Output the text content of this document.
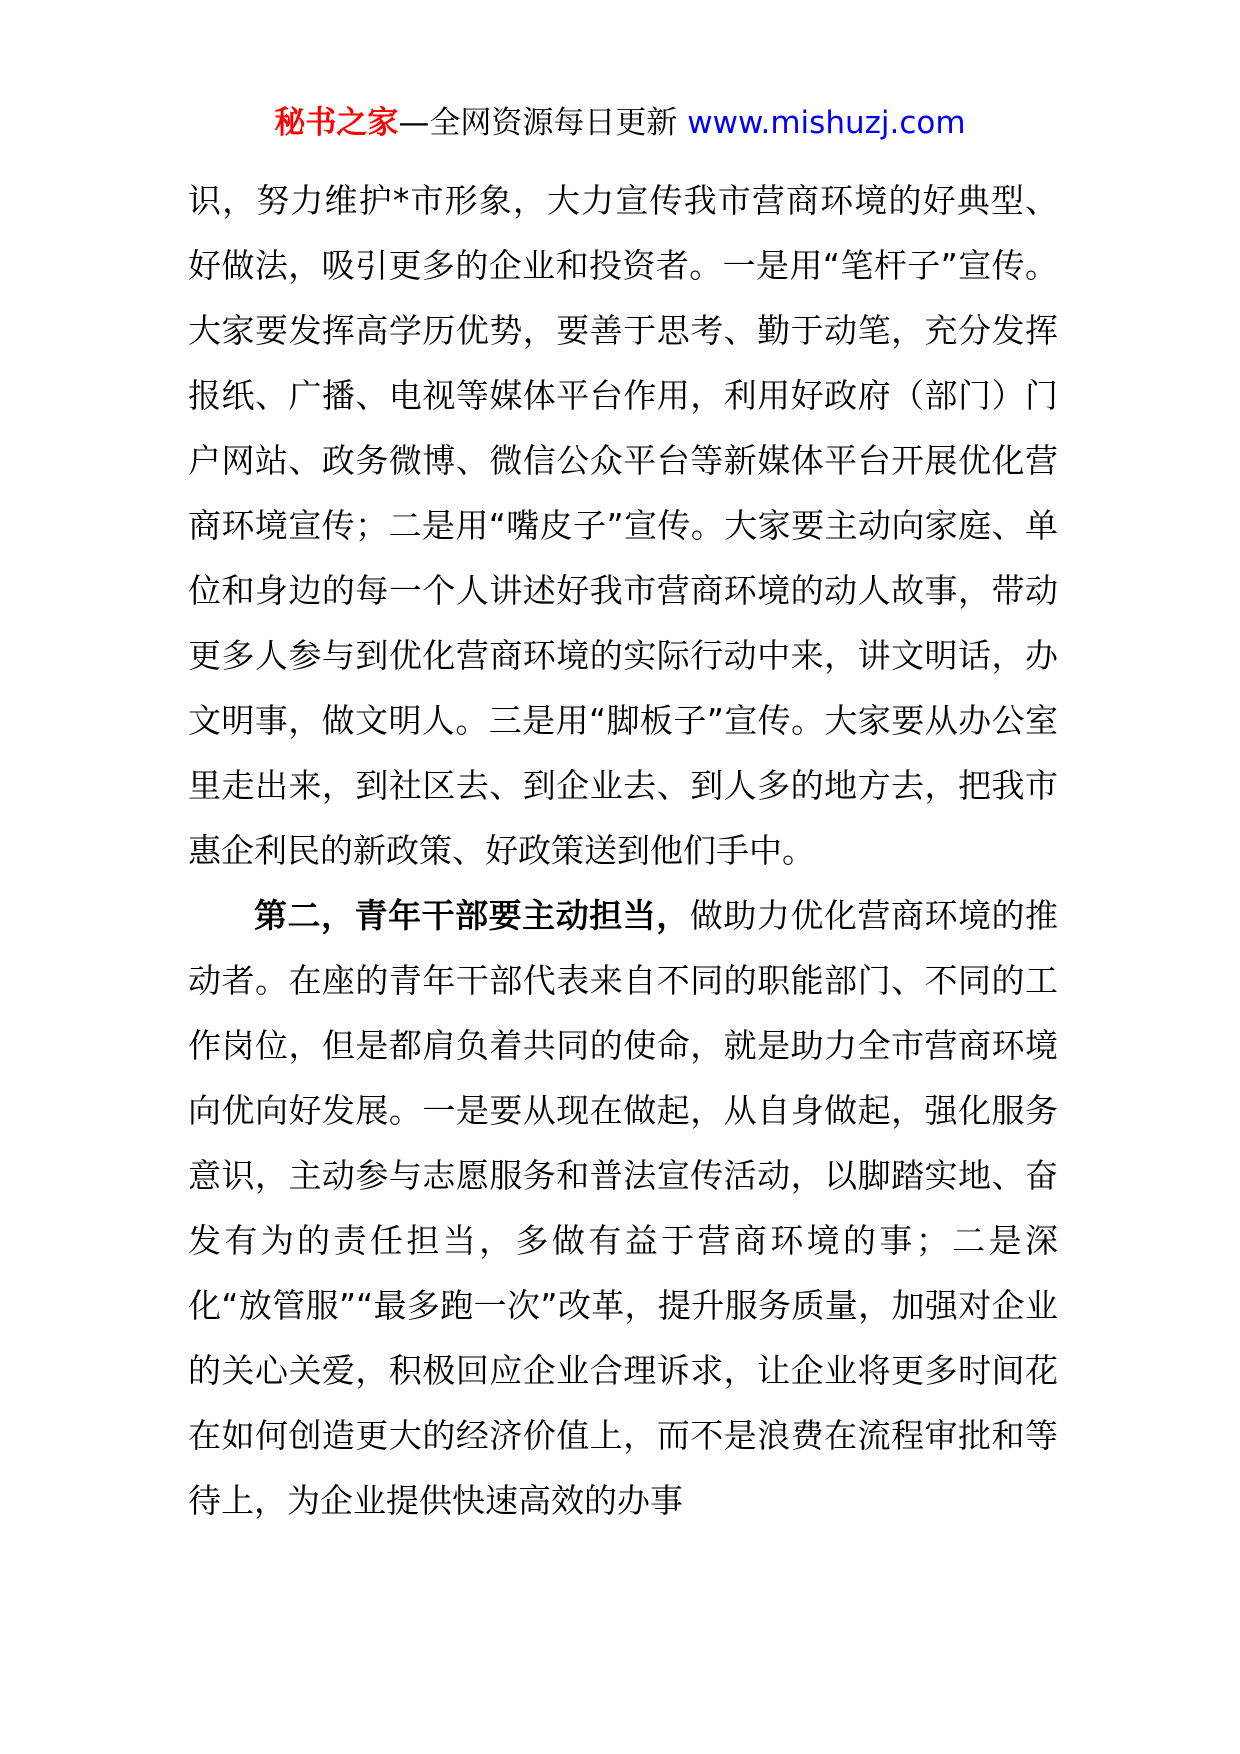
秘书之家—全网资源每日更新 www.mishuzj.com

识，努力维护*市形象，大力宣传我市营商环境的好典型、好做法，吸引更多的企业和投资者。一是用“笔杆子”宣传。大家要发挥高学历优势，要善于思考、勤于动笔，充分发挥报纸、广播、电视等媒体平台作用，利用好政府（部门）门户网站、政务微博、微信公众平台等新媒体平台开展优化营商环境宣传；二是用“嘴皮子”宣传。大家要主动向家庭、单位和身边的每一个人讲述好我市营商环境的动人故事，带动更多人参与到优化营商环境的实际行动中来，讲文明话，办文明事，做文明人。三是用“脚板子”宣传。大家要从办公室里走出来，到社区去、到企业去、到人多的地方去，把我市惠企利民的新政策、好政策送到他们手中。

第二，青年干部要主动担当，做助力优化营商环境的推动者。在座的青年干部代表来自不同的职能部门、不同的工作岗位，但是都肩负着共同的使命，就是助力全市营商环境向优向好发展。一是要从现在做起，从自身做起，强化服务意识，主动参与志愿服务和普法宣传活动，以脚踏实地、奋发有为的责任担当，多做有益于营商环境的事；二是深化“放管服”“最多跑一次”改革，提升服务质量，加强对企业的关心关爱，积极回应企业合理诉求，让企业将更多时间花在如何创造更大的经济价值上，而不是浪费在流程审批和等待上，为企业提供快速高效的办事
